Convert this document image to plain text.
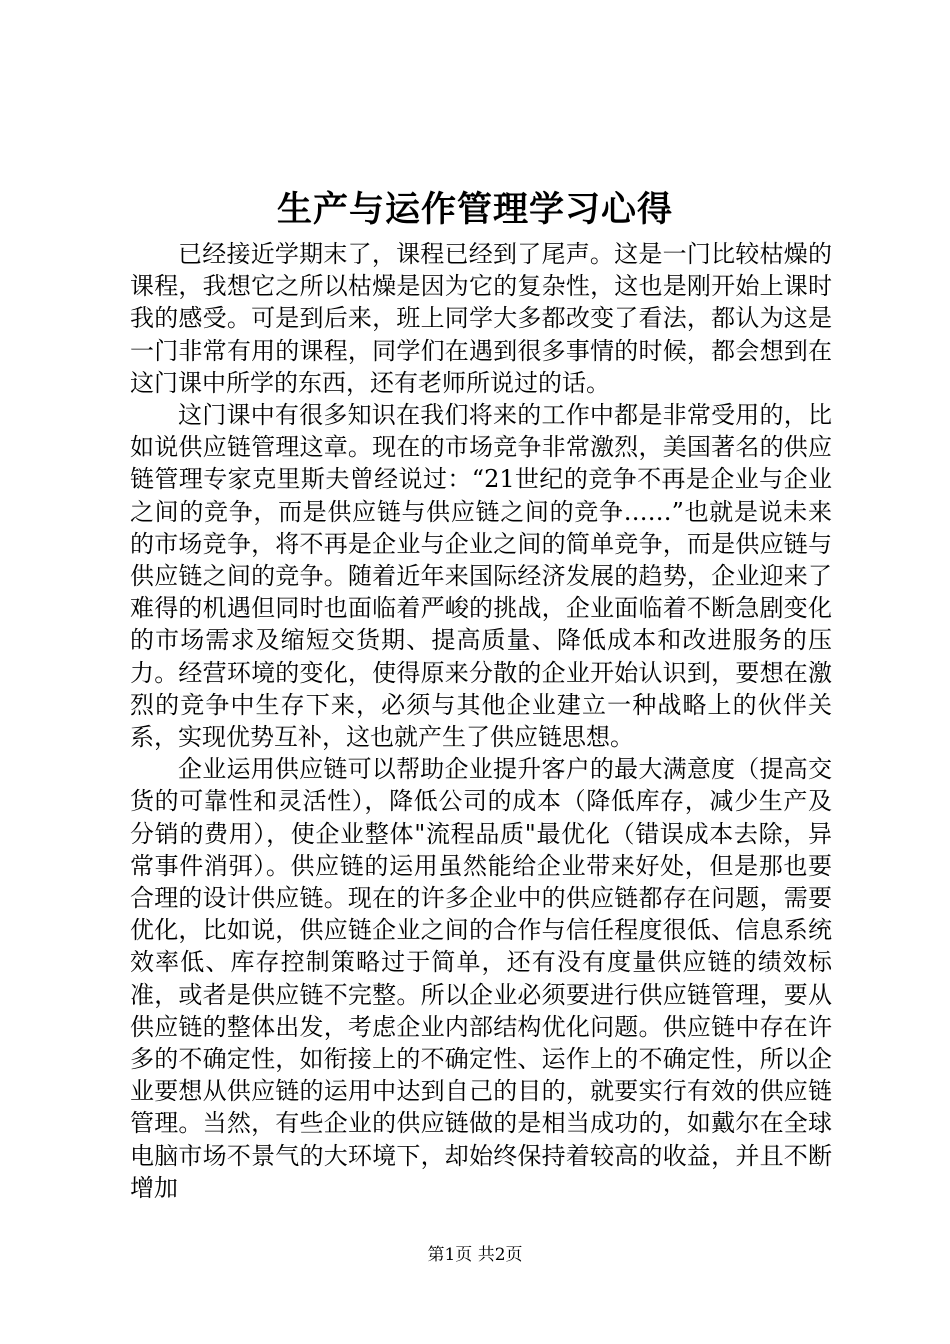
生产与运作管理学习心得

已经接近学期末了，课程已经到了尾声。这是一门比较枯燥的课程，我想它之所以枯燥是因为它的复杂性，这也是刚开始上课时我的感受。可是到后来，班上同学大多都改变了看法，都认为这是一门非常有用的课程，同学们在遇到很多事情的时候，都会想到在这门课中所学的东西，还有老师所说过的话。

这门课中有很多知识在我们将来的工作中都是非常受用的，比如说供应链管理这章。现在的市场竞争非常激烈，美国著名的供应链管理专家克里斯夫曾经说过：“21世纪的竞争不再是企业与企业之间的竞争，而是供应链与供应链之间的竞争……”也就是说未来的市场竞争，将不再是企业与企业之间的简单竞争，而是供应链与供应链之间的竞争。随着近年来国际经济发展的趋势，企业迎来了难得的机遇但同时也面临着严峻的挑战，企业面临着不断急剧变化的市场需求及缩短交货期、提高质量、降低成本和改进服务的压力。经营环境的变化，使得原来分散的企业开始认识到，要想在激烈的竞争中生存下来，必须与其他企业建立一种战略上的伙伴关系，实现优势互补，这也就产生了供应链思想。

企业运用供应链可以帮助企业提升客户的最大满意度（提高交货的可靠性和灵活性），降低公司的成本（降低库存，减少生产及分销的费用），使企业整体"流程品质"最优化（错误成本去除，异常事件消弭）。供应链的运用虽然能给企业带来好处，但是那也要合理的设计供应链。现在的许多企业中的供应链都存在问题，需要优化，比如说，供应链企业之间的合作与信任程度很低、信息系统效率低、库存控制策略过于简单，还有没有度量供应链的绩效标准，或者是供应链不完整。所以企业必须要进行供应链管理，要从供应链的整体出发，考虑企业内部结构优化问题。供应链中存在许多的不确定性，如衔接上的不确定性、运作上的不确定性，所以企业要想从供应链的运用中达到自己的目的，就要实行有效的供应链管理。当然，有些企业的供应链做的是相当成功的，如戴尔在全球电脑市场不景气的大环境下，却始终保持着较高的收益，并且不断增加

第1页 共2页
